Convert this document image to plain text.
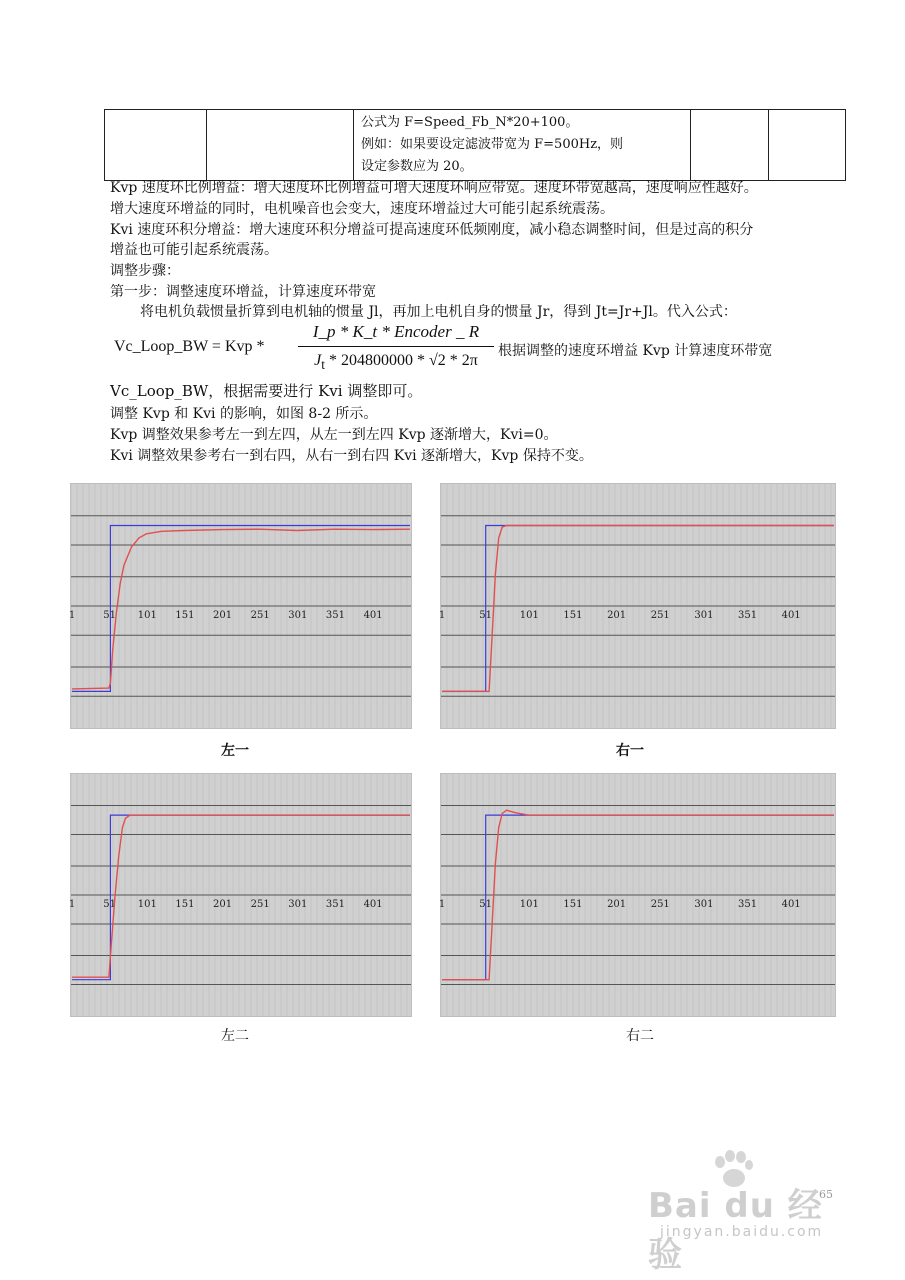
公式为 F=Speed_Fb_N*20+100。
例如：如果要设定滤波带宽为 F=500Hz，则
设定参数应为 20。

Kvp 速度环比例增益：增大速度环比例增益可增大速度环响应带宽。速度环带宽越高，速度响应性越好。
增大速度环增益的同时，电机噪音也会变大，速度环增益过大可能引起系统震荡。
Kvi 速度环积分增益：增大速度环积分增益可提高速度环低频刚度，减小稳态调整时间，但是过高的积分
增益也可能引起系统震荡。
调整步骤：
第一步：调整速度环增益，计算速度环带宽
将电机负载惯量折算到电机轴的惯量 Jl，再加上电机自身的惯量 Jr，得到 Jt=Jr+Jl。代入公式：
Vc_Loop_BW = Kvp *
I_p * K_t * Encoder _ R
$J_t * 204800000 * √2 * 2\pi$
根据调整的速度环增益 Kvp 计算速度环带宽
Vc_Loop_BW，根据需要进行 Kvi 调整即可。
调整 Kvp 和 Kvi 的影响，如图 8-2 所示。
Kvp 调整效果参考左一到左四，从左一到左四 Kvp 逐渐增大，Kvi=0。
Kvi 调整效果参考右一到右四，从右一到右四 Kvi 逐渐增大，Kvp 保持不变。
1	51 101 151 201 251 301 351 401	1	51	101 151 201 251 301 351 401
1	51 101 151 201 251 301 351 401	1	51	101 151 201 251 301 351 401
左一	右一
左二	右二
65
Bai du 经验
jingyan.baidu.com
